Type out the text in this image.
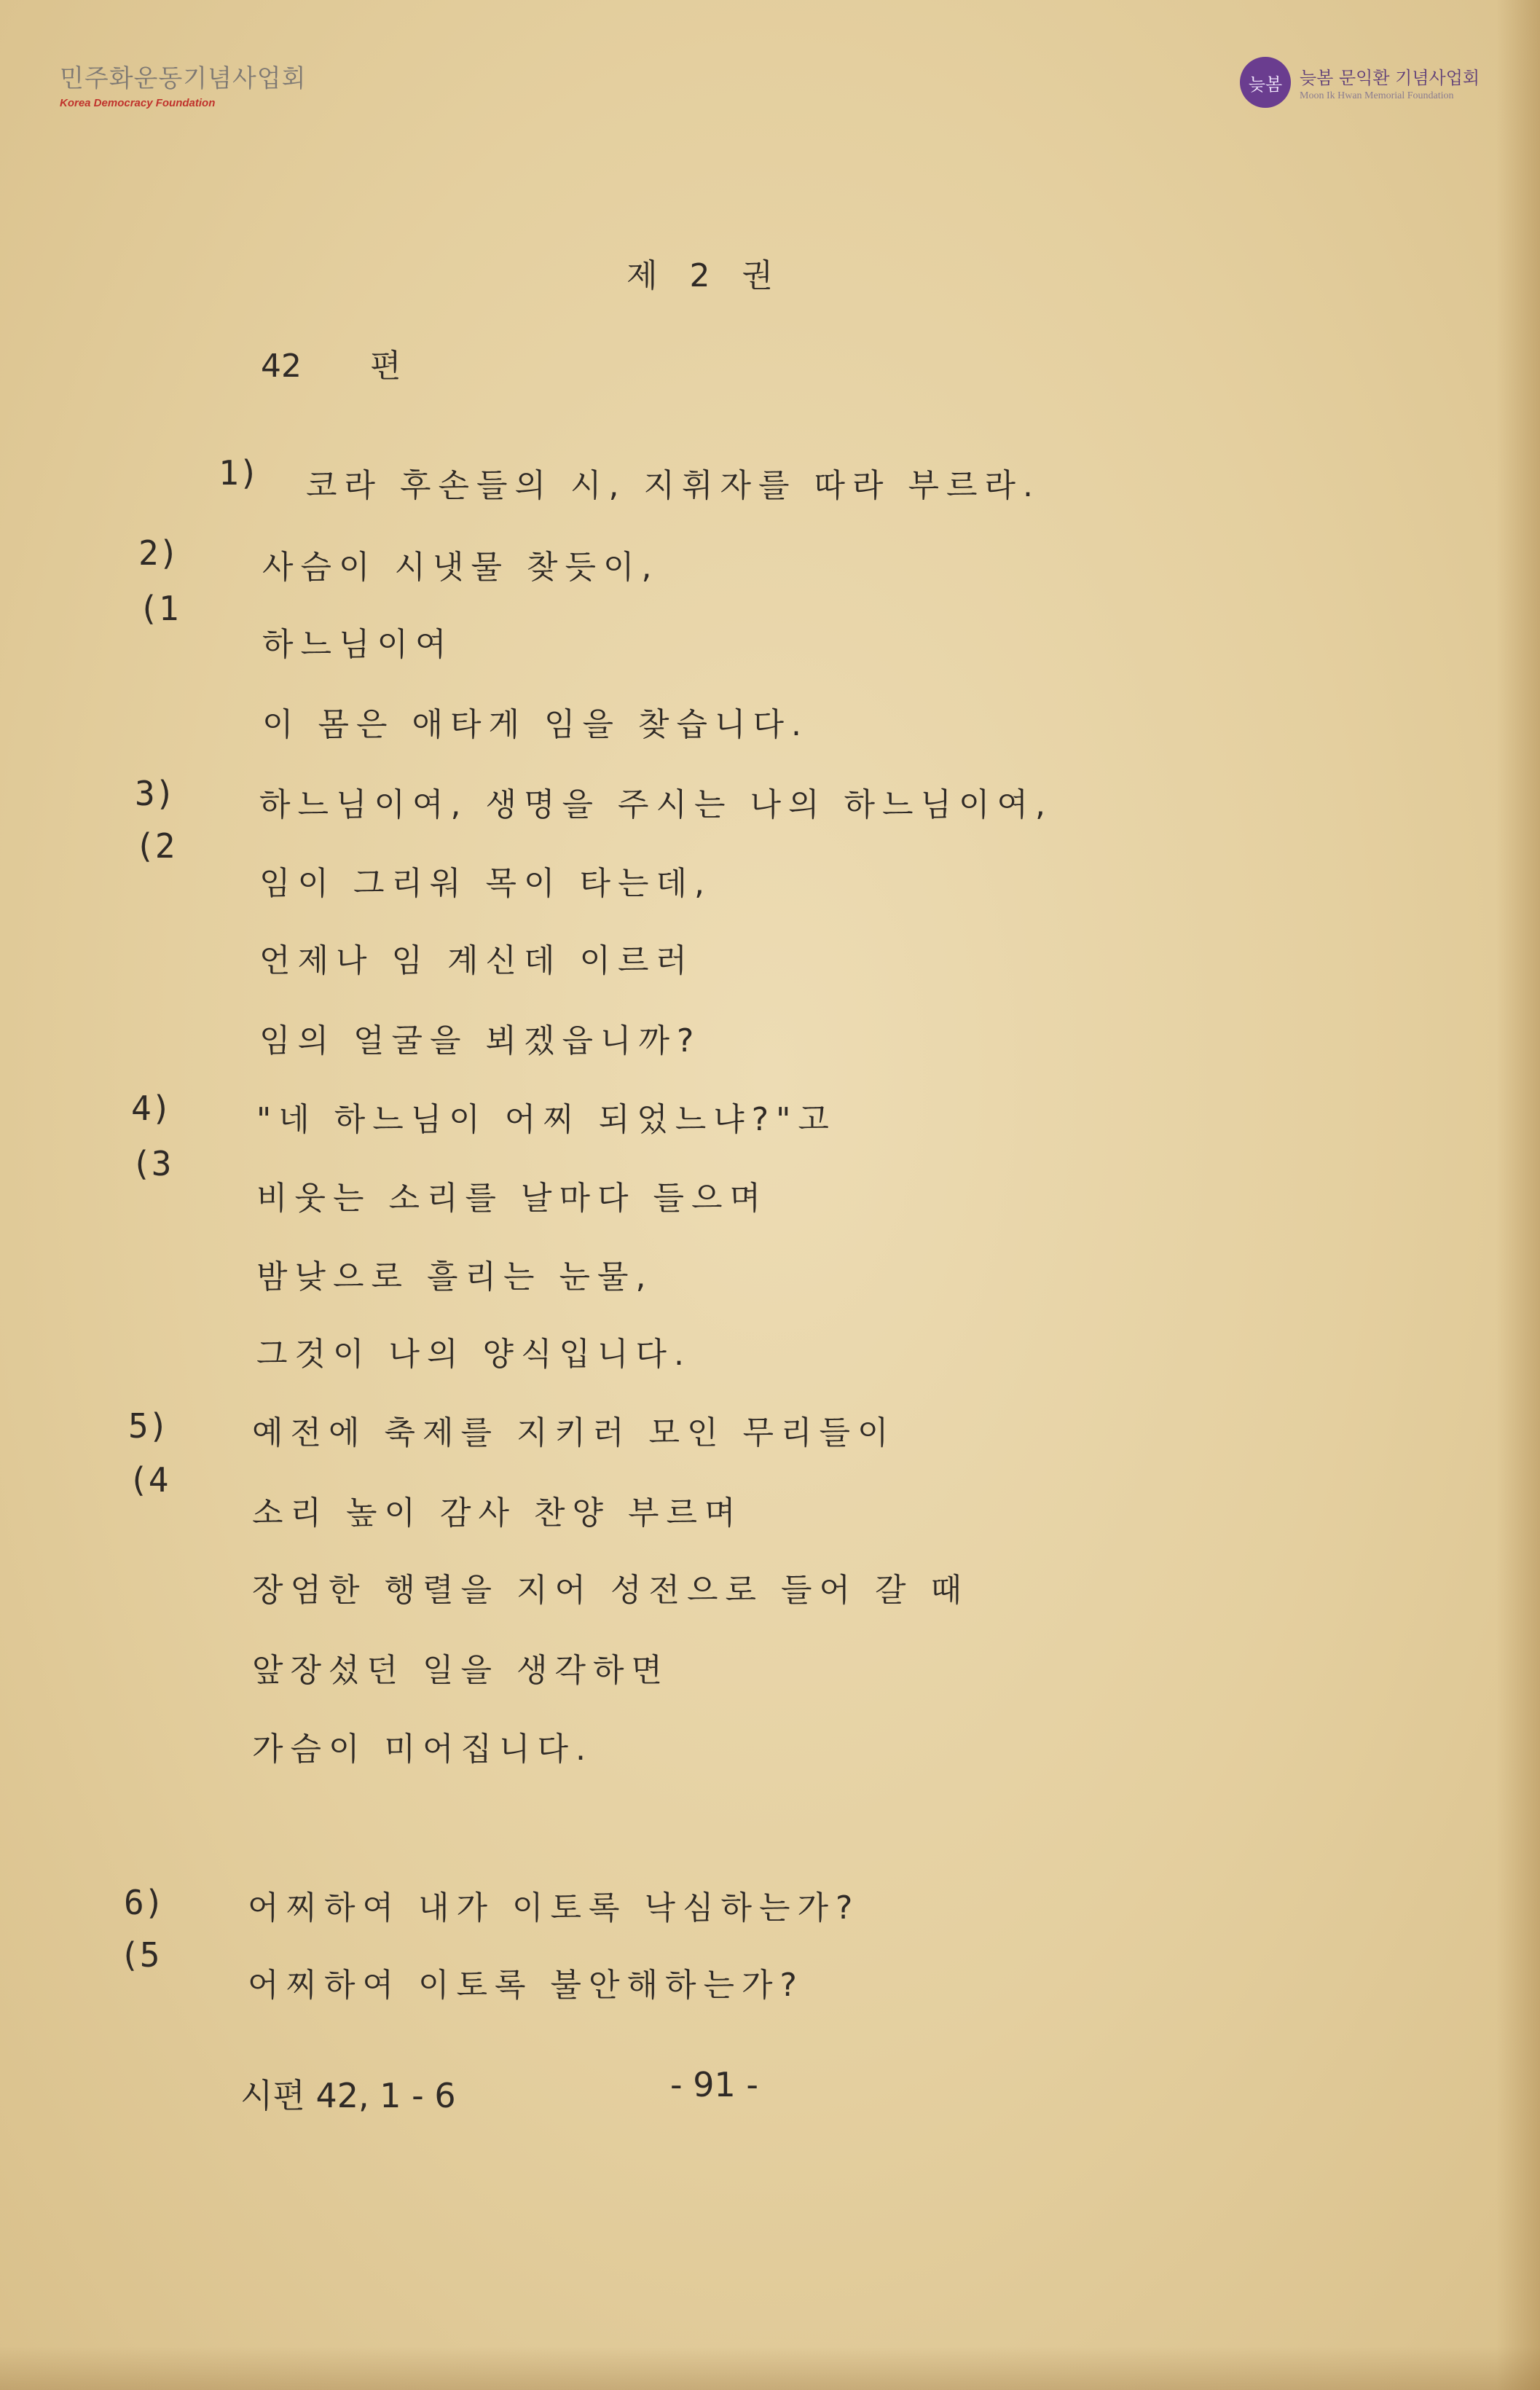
민주화운동기념사업회
Korea Democracy Foundation
늦봄 늦봄 문익환 기념사업회
Moon Ik Hwan Memorial Foundation
제 2 권
42 편
1) 코라 후손들의 시, 지휘자를 따라 부르라.
2)
(1
사슴이 시냇물 찾듯이,
하느님이여
이 몸은 애타게 임을 찾습니다.
3)
(2
하느님이여, 생명을 주시는 나의 하느님이여,
임이 그리워 목이 타는데,
언제나 임 계신데 이르러
임의 얼굴을 뵈겠읍니까?
4)
(3
"네 하느님이 어찌 되었느냐?"고
비웃는 소리를 날마다 들으며
밤낮으로 흘리는 눈물,
그것이 나의 양식입니다.
5)
(4
예전에 축제를 지키러 모인 무리들이
소리 높이 감사 찬양 부르며
장엄한 행렬을 지어 성전으로 들어 갈 때
앞장섰던 일을 생각하면
가슴이 미어집니다.
6)
(5
어찌하여 내가 이토록 낙심하는가?
어찌하여 이토록 불안해하는가?
시편 42, 1 - 6	- 91 -
